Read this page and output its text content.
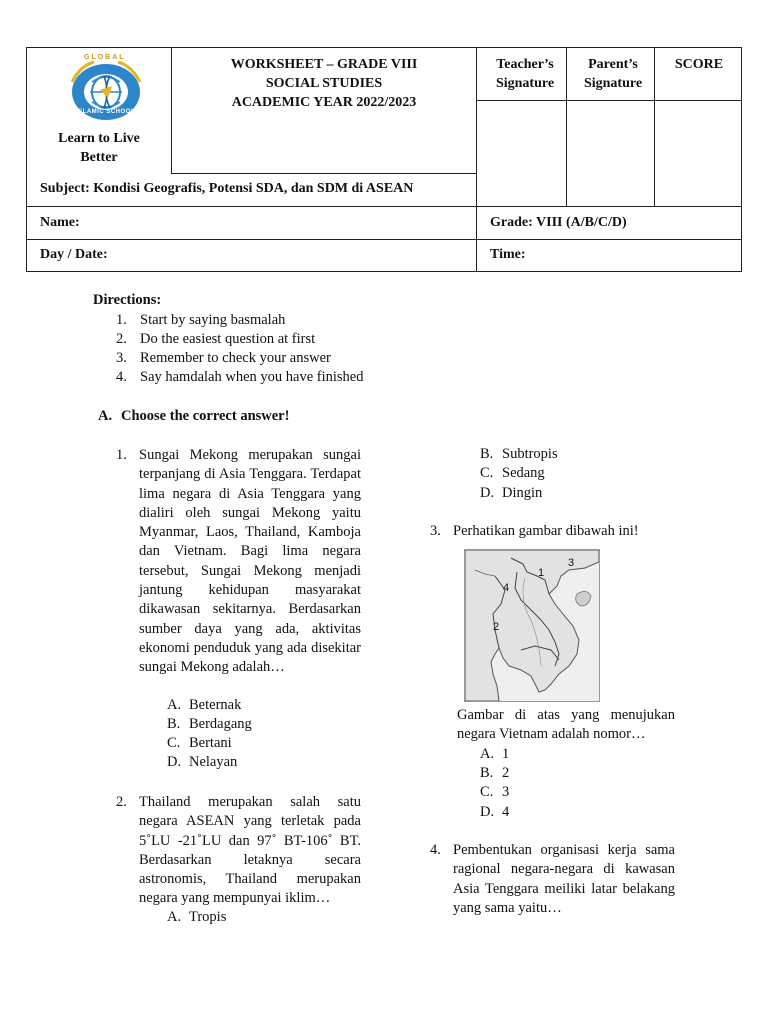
GLOBAL
ISLAMIC SCHOOL
Learn to Live Better
WORKSHEET – GRADE VIII
SOCIAL STUDIES
ACADEMIC YEAR 2022/2023
Teacher’s Signature
Parent’s Signature
SCORE
Subject: Kondisi Geografis, Potensi SDA, dan SDM di ASEAN
Name:	Grade: VIII (A/B/C/D)
Day / Date:	Time:
Directions:
1. Start by saying basmalah
2. Do the easiest question at first
3. Remember to check your answer
4. Say hamdalah when you have finished
A. Choose the correct answer!
1. Sungai Mekong merupakan sungai terpanjang di Asia Tenggara. Terdapat lima negara di Asia Tenggara yang dialiri oleh sungai Mekong yaitu Myanmar, Laos, Thailand, Kamboja dan Vietnam. Bagi lima negara tersebut, Sungai Mekong menjadi jantung kehidupan masyarakat dikawasan sekitarnya. Berdasarkan sumber daya yang ada, aktivitas ekonomi penduduk yang ada disekitar sungai Mekong adalah…
A. Beternak
B. Berdagang
C. Bertani
D. Nelayan
2. Thailand merupakan salah satu negara ASEAN yang terletak pada 5˚LU -21˚LU dan 97˚ BT-106˚ BT. Berdasarkan letaknya secara astronomis, Thailand merupakan negara yang mempunyai iklim…
A. Tropis
B. Subtropis
C. Sedang
D. Dingin
3. Perhatikan gambar dibawah ini!
1
2
3
4
Gambar di atas yang menujukan negara Vietnam adalah nomor…
A. 1
B. 2
C. 3
D. 4
4. Pembentukan organisasi kerja sama ragional negara-negara di kawasan Asia Tenggara meiliki latar belakang yang sama yaitu…
